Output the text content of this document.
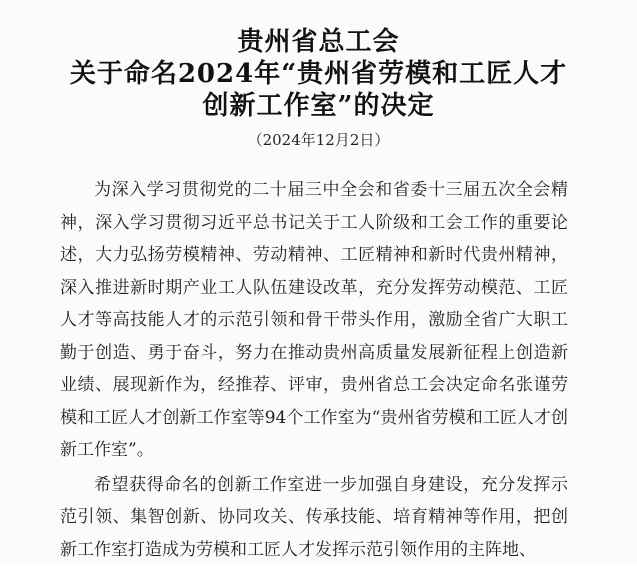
贵州省总工会
关于命名2024年“贵州省劳模和工匠人才
创新工作室”的决定
（2024年12月2日）

为深入学习贯彻党的二十届三中全会和省委十三届五次全会精神，深入学习贯彻习近平总书记关于工人阶级和工会工作的重要论述，大力弘扬劳模精神、劳动精神、工匠精神和新时代贵州精神，深入推进新时期产业工人队伍建设改革，充分发挥劳动模范、工匠人才等高技能人才的示范引领和骨干带头作用，激励全省广大职工勤于创造、勇于奋斗，努力在推动贵州高质量发展新征程上创造新业绩、展现新作为，经推荐、评审，贵州省总工会决定命名张谨劳模和工匠人才创新工作室等94个工作室为“贵州省劳模和工匠人才创新工作室”。

希望获得命名的创新工作室进一步加强自身建设，充分发挥示范引领、集智创新、协同攻关、传承技能、培育精神等作用，把创新工作室打造成为劳模和工匠人才发挥示范引领作用的主阵地、
